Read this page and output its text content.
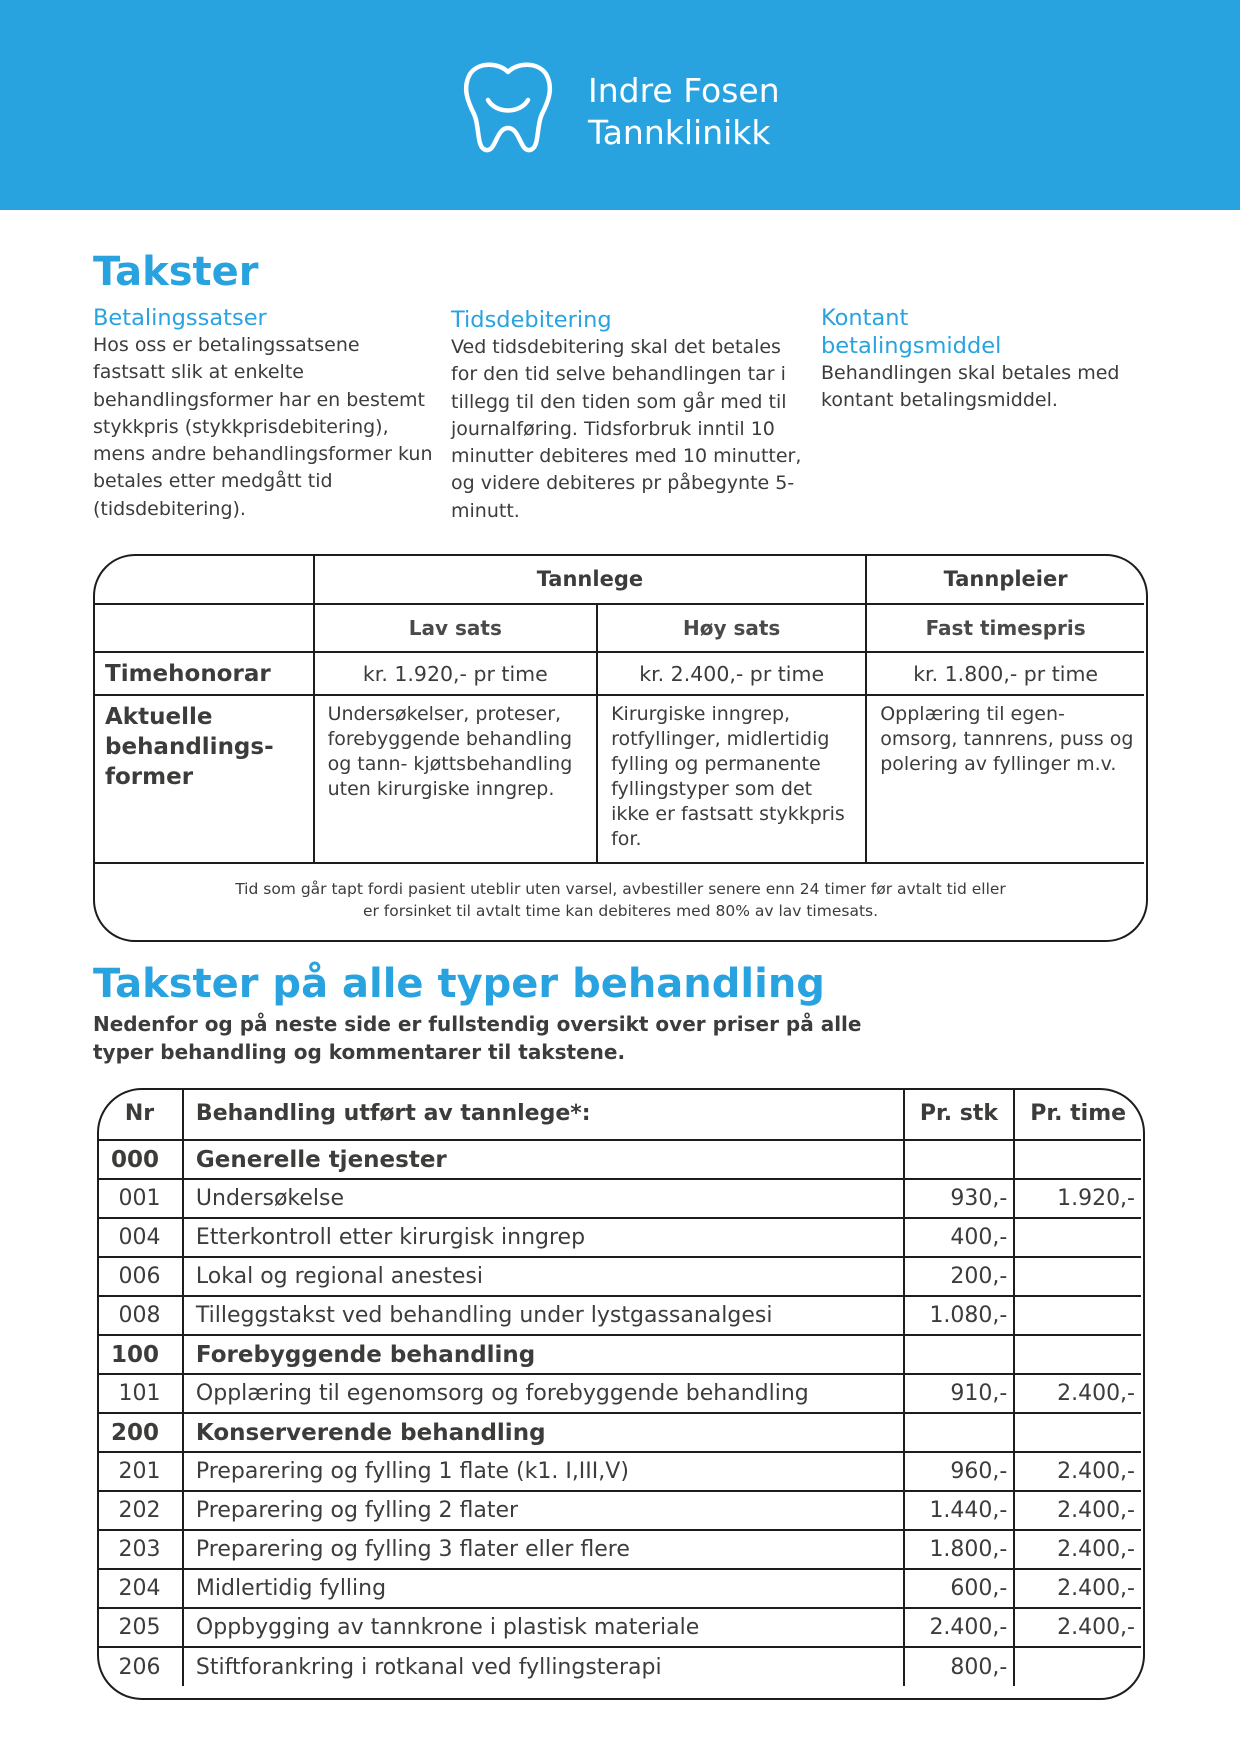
Indre Fosen
Tannklinikk
Takster
Betalingssatser

Hos oss er betalingssatsene fastsatt slik at enkelte behandlingsformer har en bestemt stykkpris (stykkprisdebitering), mens andre behandlingsformer kun betales etter medgått tid (tidsdebitering).

Tidsdebitering

Ved tidsdebitering skal det betales for den tid selve behandlingen tar i tillegg til den tiden som går med til journalføring. Tidsforbruk inntil 10 minutter debiteres med 10 minutter, og videre debiteres pr påbegynte 5-minutt.

Kontant betalingsmiddel

Behandlingen skal betales med kontant betalingsmiddel.

	Tannlege		Tannpleier
	Lav sats	Høy sats	Fast timespris
Timehonorar	kr. 1.920,- pr time	kr. 2.400,- pr time	kr. 1.800,- pr time

Aktuelle behandlings- former	Undersøkelser, proteser, forebyggende behandling og tann- kjøttsbehandling uten kirurgiske inngrep.	Kirurgiske inngrep, rotfyllinger, midlertidig fylling og permanente fyllingstyper som det ikke er fastsatt stykkpris for.	Opplæring til egen- omsorg, tannrens, puss og polering av fyllinger m.v.
Tid som går tapt fordi pasient uteblir uten varsel, avbestiller senere enn 24 timer før avtalt tid eller
er forsinket til avtalt time kan debiteres med 80% av lav timesats.
Takster på alle typer behandling
Nedenfor og på neste side er fullstendig oversikt over priser på alle
typer behandling og kommentarer til takstene.
Nr	Behandling utført av tannlege*:	Pr. stk	Pr. time
000	Generelle tjenester		
001	Undersøkelse	930,-	1.920,-
004	Etterkontroll etter kirurgisk inngrep	400,-	
006	Lokal og regional anestesi	200,-	
008	Tilleggstakst ved behandling under lystgassanalgesi	1.080,-	
100	Forebyggende behandling		
101	Opplæring til egenomsorg og forebyggende behandling	910,-	2.400,-
200	Konserverende behandling		
201	Preparering og fylling 1 flate (k1. I,III,V)	960,-	2.400,-
202	Preparering og fylling 2 flater	1.440,-	2.400,-
203	Preparering og fylling 3 flater eller flere	1.800,-	2.400,-
204	Midlertidig fylling	600,-	2.400,-
205	Oppbygging av tannkrone i plastisk materiale	2.400,-	2.400,-
206	Stiftforankring i rotkanal ved fyllingsterapi	800,-	
